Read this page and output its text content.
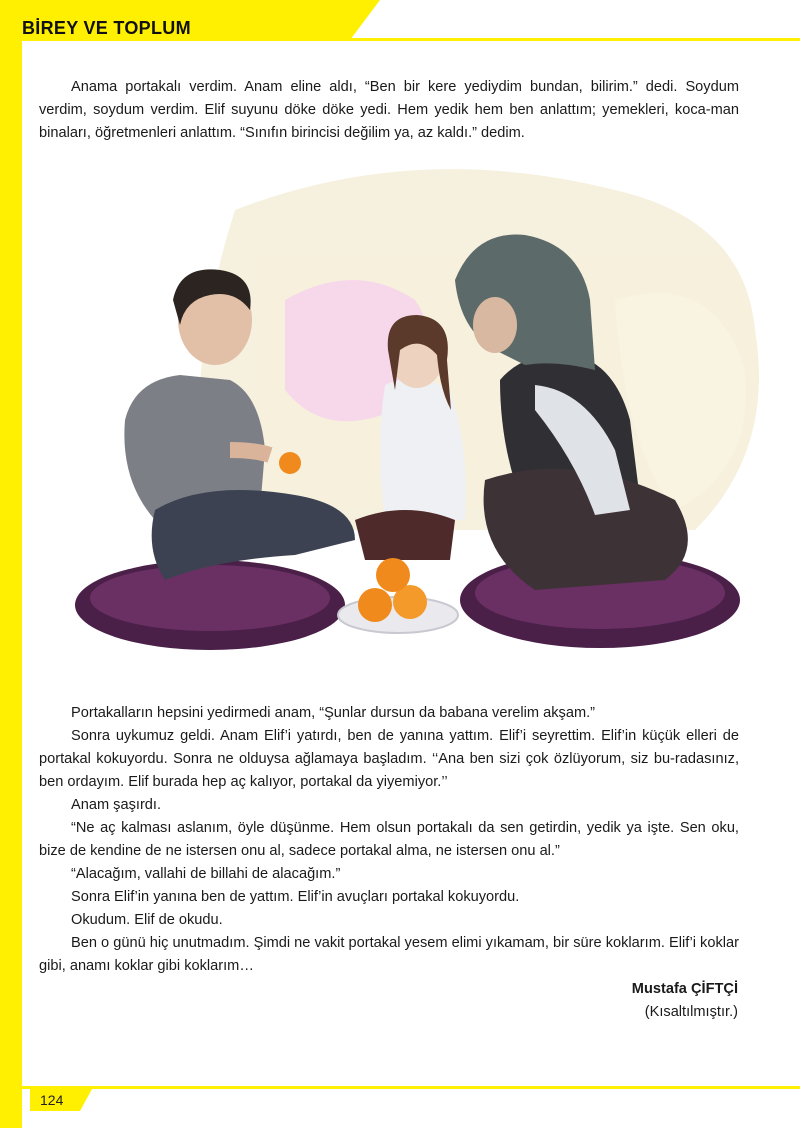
BİREY VE TOPLUM

Anama portakalı verdim. Anam eline aldı, “Ben bir kere yediydim bundan, bilirim.” dedi. Soydum verdim, soydum verdim. Elif suyunu döke döke yedi. Hem yedik hem ben anlattım; yemekleri, koca-man binaları, öğretmenleri anlattım. “Sınıfın birincisi değilim ya, az kaldı.” dedim.

Portakalların hepsini yedirmedi anam, “Şunlar dursun da babana verelim akşam.”

Sonra uykumuz geldi. Anam Elif’i yatırdı, ben de yanına yattım. Elif’i seyrettim. Elif’in küçük elleri de portakal kokuyordu. Sonra ne olduysa ağlamaya başladım. ‘‘Ana ben sizi çok özlüyorum, siz bu-radasınız, ben ordayım. Elif burada hep aç kalıyor, portakal da yiyemiyor.’’

Anam şaşırdı.

“Ne aç kalması aslanım, öyle düşünme. Hem olsun portakalı da sen getirdin, yedik ya işte. Sen oku, bize de kendine de ne istersen onu al, sadece portakal alma, ne istersen onu al.”

“Alacağım, vallahi de billahi de alacağım.”

Sonra Elif’in yanına ben de yattım. Elif’in avuçları portakal kokuyordu.

Okudum. Elif de okudu.

Ben o günü hiç unutmadım. Şimdi ne vakit portakal yesem elimi yıkamam, bir süre koklarım. Elif’i koklar gibi, anamı koklar gibi koklarım…

Mustafa ÇİFTÇİ

(Kısaltılmıştır.)

124
